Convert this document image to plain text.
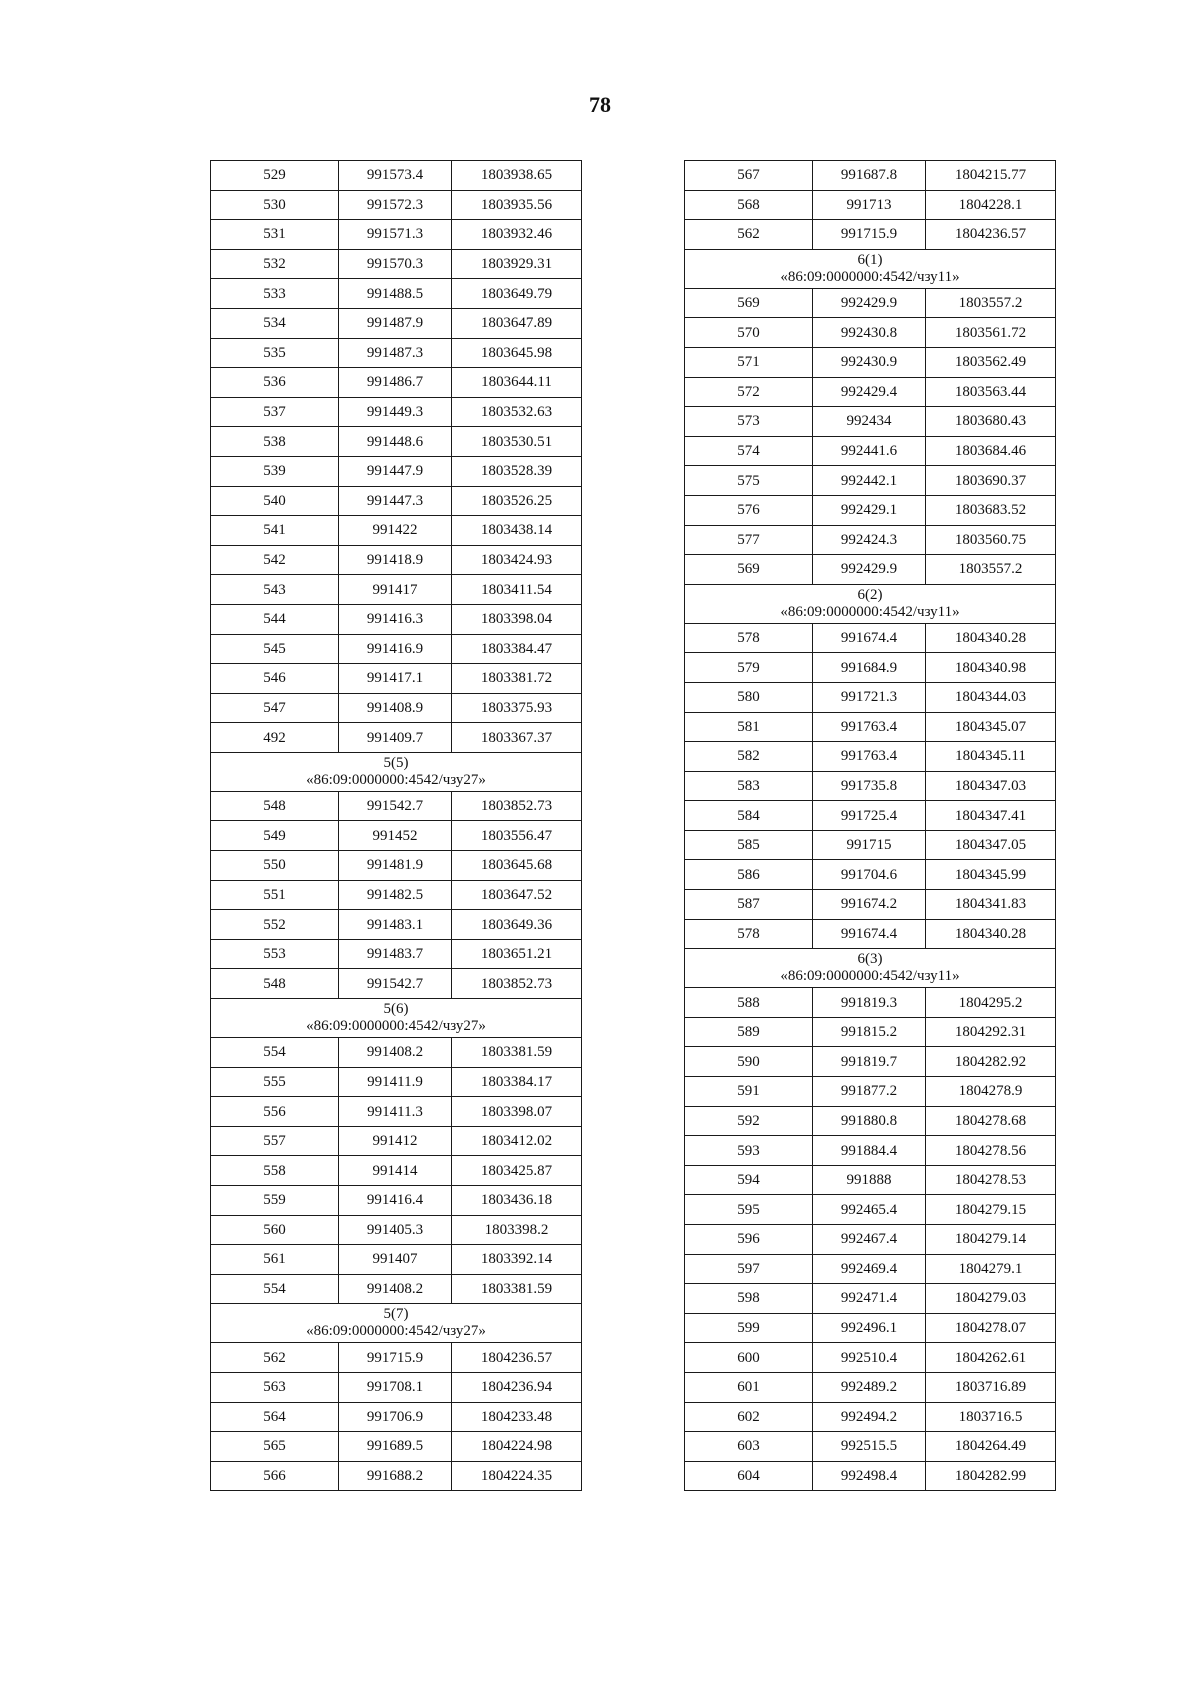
78
529	991573.4	1803938.65
530	991572.3	1803935.56
531	991571.3	1803932.46
532	991570.3	1803929.31
533	991488.5	1803649.79
534	991487.9	1803647.89
535	991487.3	1803645.98
536	991486.7	1803644.11
537	991449.3	1803532.63
538	991448.6	1803530.51
539	991447.9	1803528.39
540	991447.3	1803526.25
541	991422	1803438.14
542	991418.9	1803424.93
543	991417	1803411.54
544	991416.3	1803398.04
545	991416.9	1803384.47
546	991417.1	1803381.72
547	991408.9	1803375.93
492	991409.7	1803367.37

5(5)
«86:09:0000000:4542/чзу27»		

548	991542.7	1803852.73
549	991452	1803556.47
550	991481.9	1803645.68
551	991482.5	1803647.52
552	991483.1	1803649.36
553	991483.7	1803651.21
548	991542.7	1803852.73

5(6)
«86:09:0000000:4542/чзу27»		

554	991408.2	1803381.59
555	991411.9	1803384.17
556	991411.3	1803398.07
557	991412	1803412.02
558	991414	1803425.87
559	991416.4	1803436.18
560	991405.3	1803398.2
561	991407	1803392.14
554	991408.2	1803381.59

5(7)
«86:09:0000000:4542/чзу27»		

562	991715.9	1804236.57
563	991708.1	1804236.94
564	991706.9	1804233.48
565	991689.5	1804224.98
566	991688.2	1804224.35
567	991687.8	1804215.77
568	991713	1804228.1
562	991715.9	1804236.57

6(1)
«86:09:0000000:4542/чзу11»		

569	992429.9	1803557.2
570	992430.8	1803561.72
571	992430.9	1803562.49
572	992429.4	1803563.44
573	992434	1803680.43
574	992441.6	1803684.46
575	992442.1	1803690.37
576	992429.1	1803683.52
577	992424.3	1803560.75
569	992429.9	1803557.2

6(2)
«86:09:0000000:4542/чзу11»		

578	991674.4	1804340.28
579	991684.9	1804340.98
580	991721.3	1804344.03
581	991763.4	1804345.07
582	991763.4	1804345.11
583	991735.8	1804347.03
584	991725.4	1804347.41
585	991715	1804347.05
586	991704.6	1804345.99
587	991674.2	1804341.83
578	991674.4	1804340.28

6(3)
«86:09:0000000:4542/чзу11»		

588	991819.3	1804295.2
589	991815.2	1804292.31
590	991819.7	1804282.92
591	991877.2	1804278.9
592	991880.8	1804278.68
593	991884.4	1804278.56
594	991888	1804278.53
595	992465.4	1804279.15
596	992467.4	1804279.14
597	992469.4	1804279.1
598	992471.4	1804279.03
599	992496.1	1804278.07
600	992510.4	1804262.61
601	992489.2	1803716.89
602	992494.2	1803716.5
603	992515.5	1804264.49
604	992498.4	1804282.99
